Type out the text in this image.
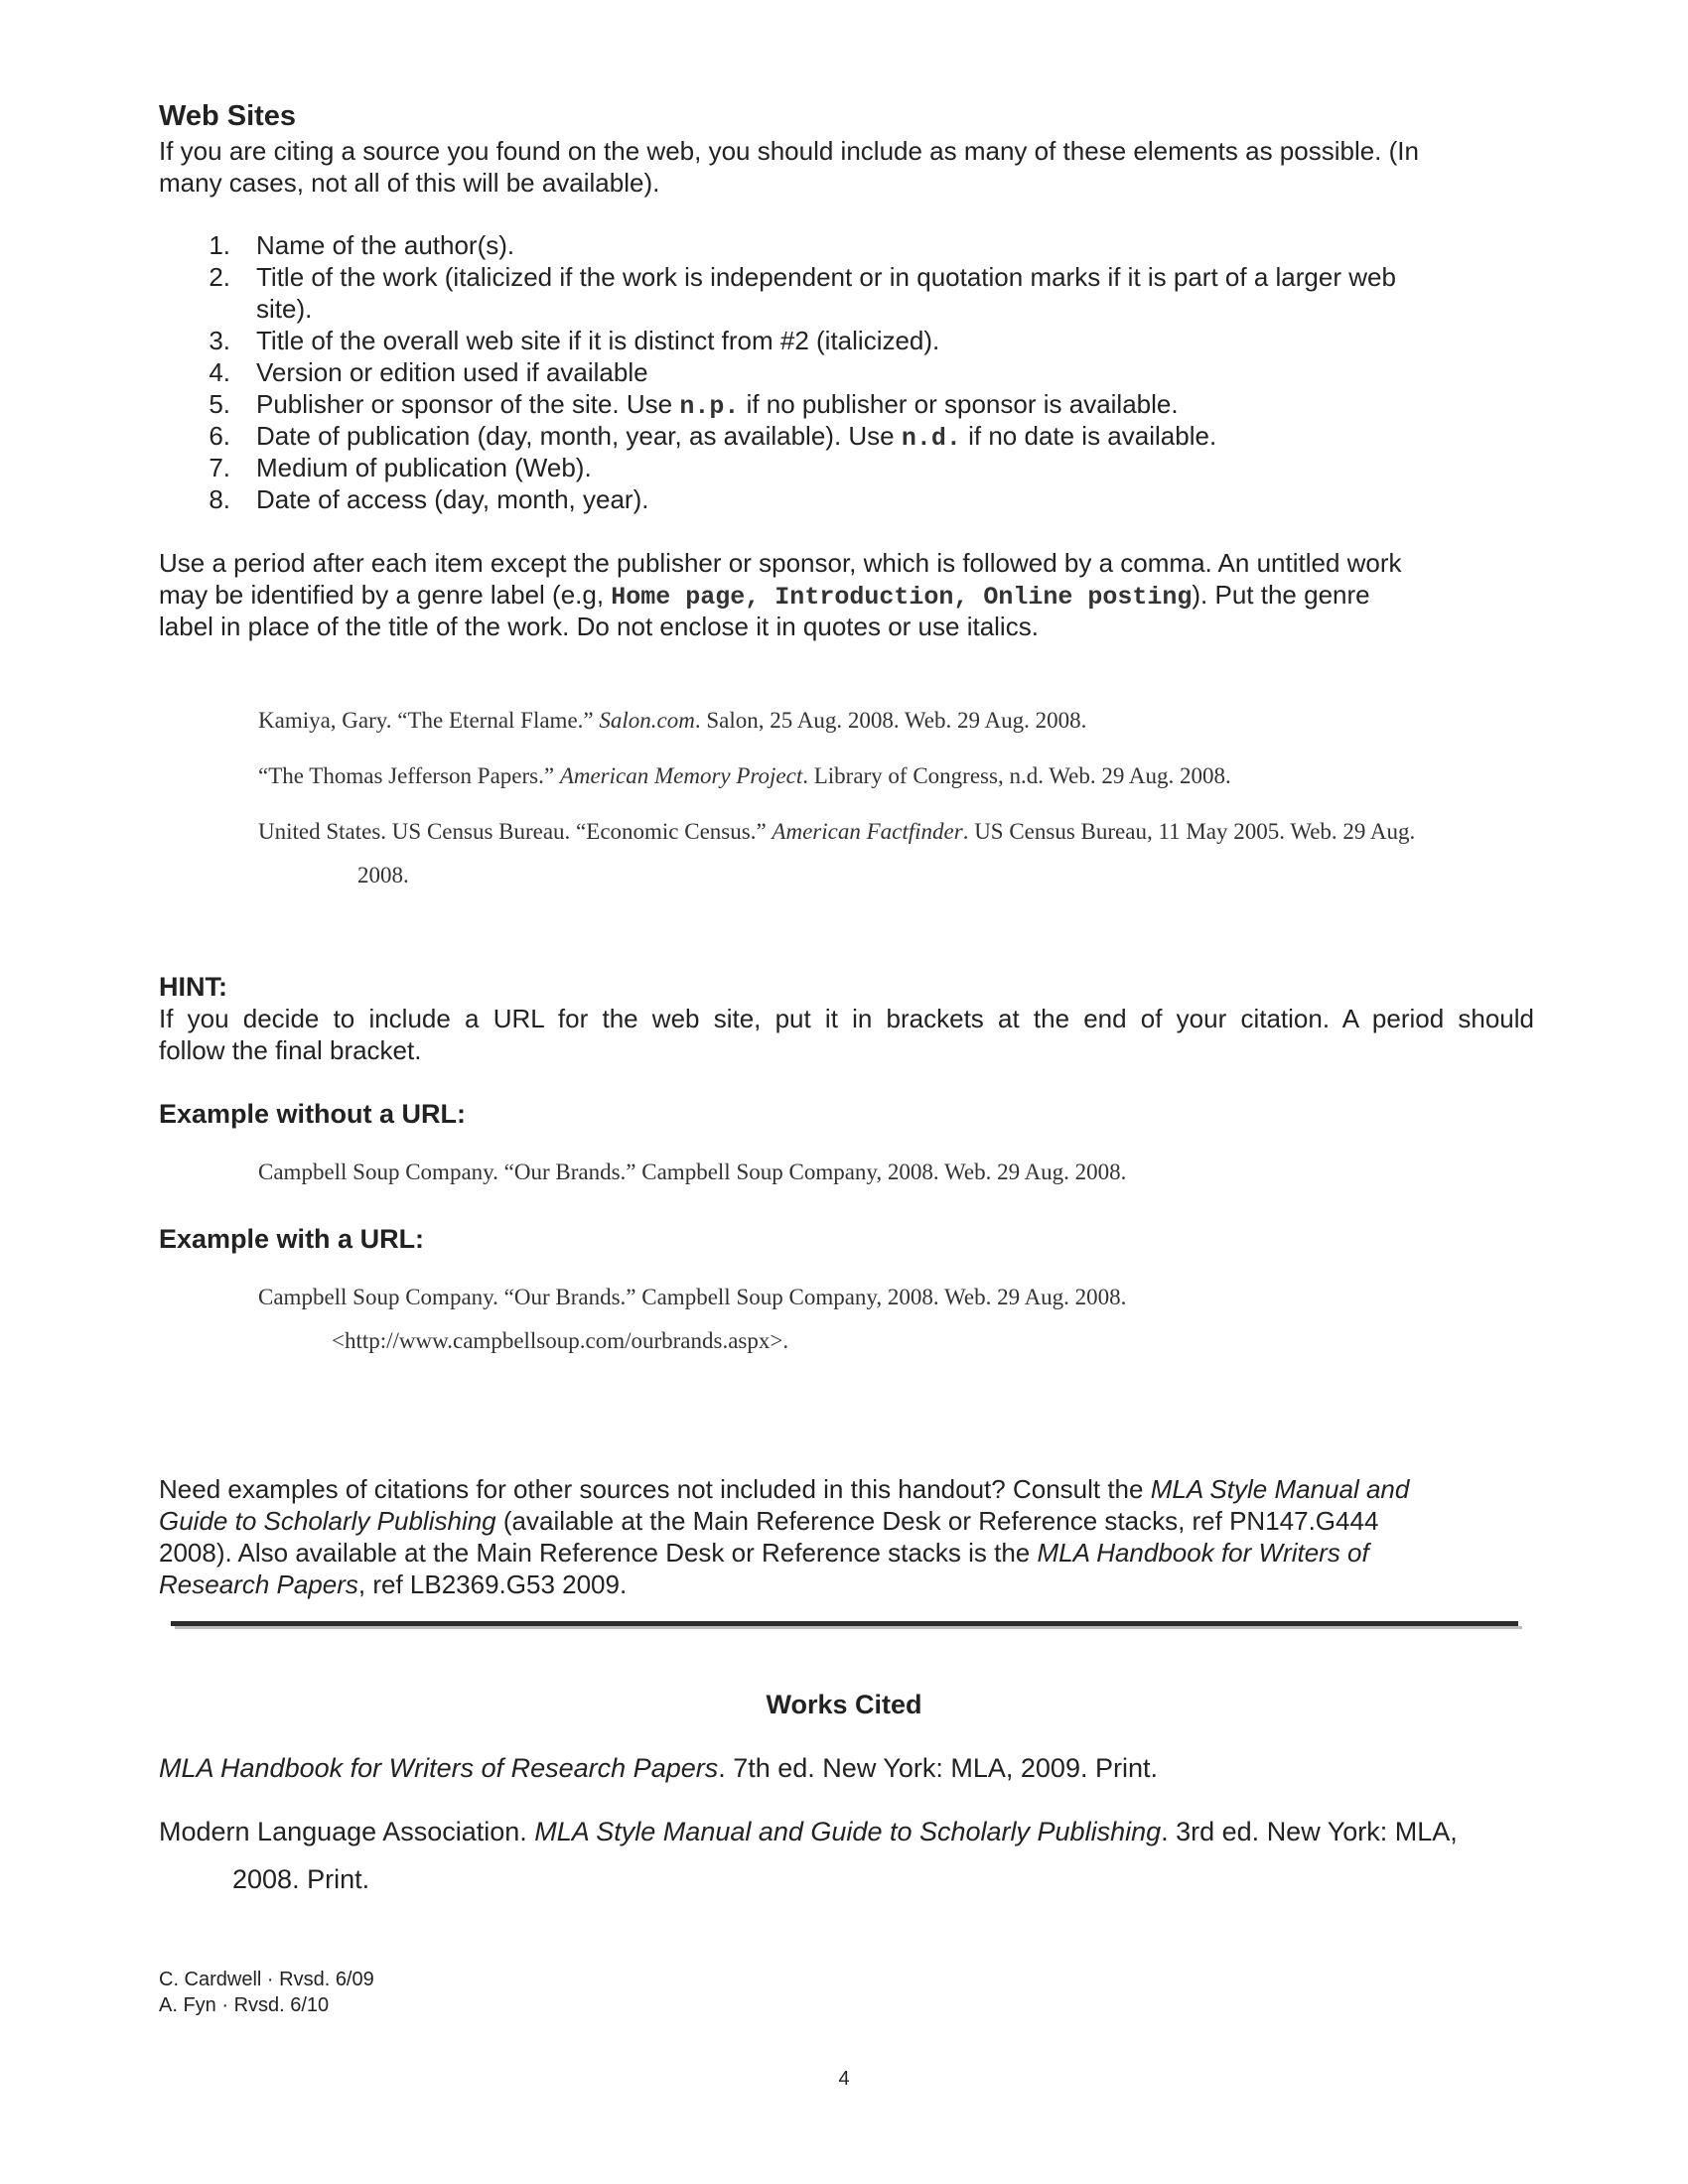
Web Sites
If you are citing a source you found on the web, you should include as many of these elements as possible. (In
many cases, not all of this will be available).
1. Name of the author(s).
2. Title of the work (italicized if the work is independent or in quotation marks if it is part of a larger web
site).
3. Title of the overall web site if it is distinct from #2 (italicized).
4. Version or edition used if available
5. Publisher or sponsor of the site. Use n.p. if no publisher or sponsor is available.
6. Date of publication (day, month, year, as available). Use n.d. if no date is available.
7. Medium of publication (Web).
8. Date of access (day, month, year).
Use a period after each item except the publisher or sponsor, which is followed by a comma. An untitled work
may be identified by a genre label (e.g, Home page, Introduction, Online posting). Put the genre
label in place of the title of the work. Do not enclose it in quotes or use italics.
Kamiya, Gary. “The Eternal Flame.” Salon.com. Salon, 25 Aug. 2008. Web. 29 Aug. 2008.
“The Thomas Jefferson Papers.” American Memory Project. Library of Congress, n.d. Web. 29 Aug. 2008.
United States. US Census Bureau. “Economic Census.” American Factfinder. US Census Bureau, 11 May 2005. Web. 29 Aug.
2008.
HINT:
If you decide to include a URL for the web site, put it in brackets at the end of your citation. A period should
follow the final bracket.
Example without a URL:
Campbell Soup Company. “Our Brands.” Campbell Soup Company, 2008. Web. 29 Aug. 2008.
Example with a URL:
Campbell Soup Company. “Our Brands.” Campbell Soup Company, 2008. Web. 29 Aug. 2008.
<http://www.campbellsoup.com/ourbrands.aspx>.
Need examples of citations for other sources not included in this handout? Consult the MLA Style Manual and
Guide to Scholarly Publishing (available at the Main Reference Desk or Reference stacks, ref PN147.G444
2008). Also available at the Main Reference Desk or Reference stacks is the MLA Handbook for Writers of
Research Papers, ref LB2369.G53 2009.
Works Cited
MLA Handbook for Writers of Research Papers. 7th ed. New York: MLA, 2009. Print.
Modern Language Association. MLA Style Manual and Guide to Scholarly Publishing. 3rd ed. New York: MLA,
2008. Print.
C. Cardwell · Rvsd. 6/09
A. Fyn · Rvsd. 6/10
4
